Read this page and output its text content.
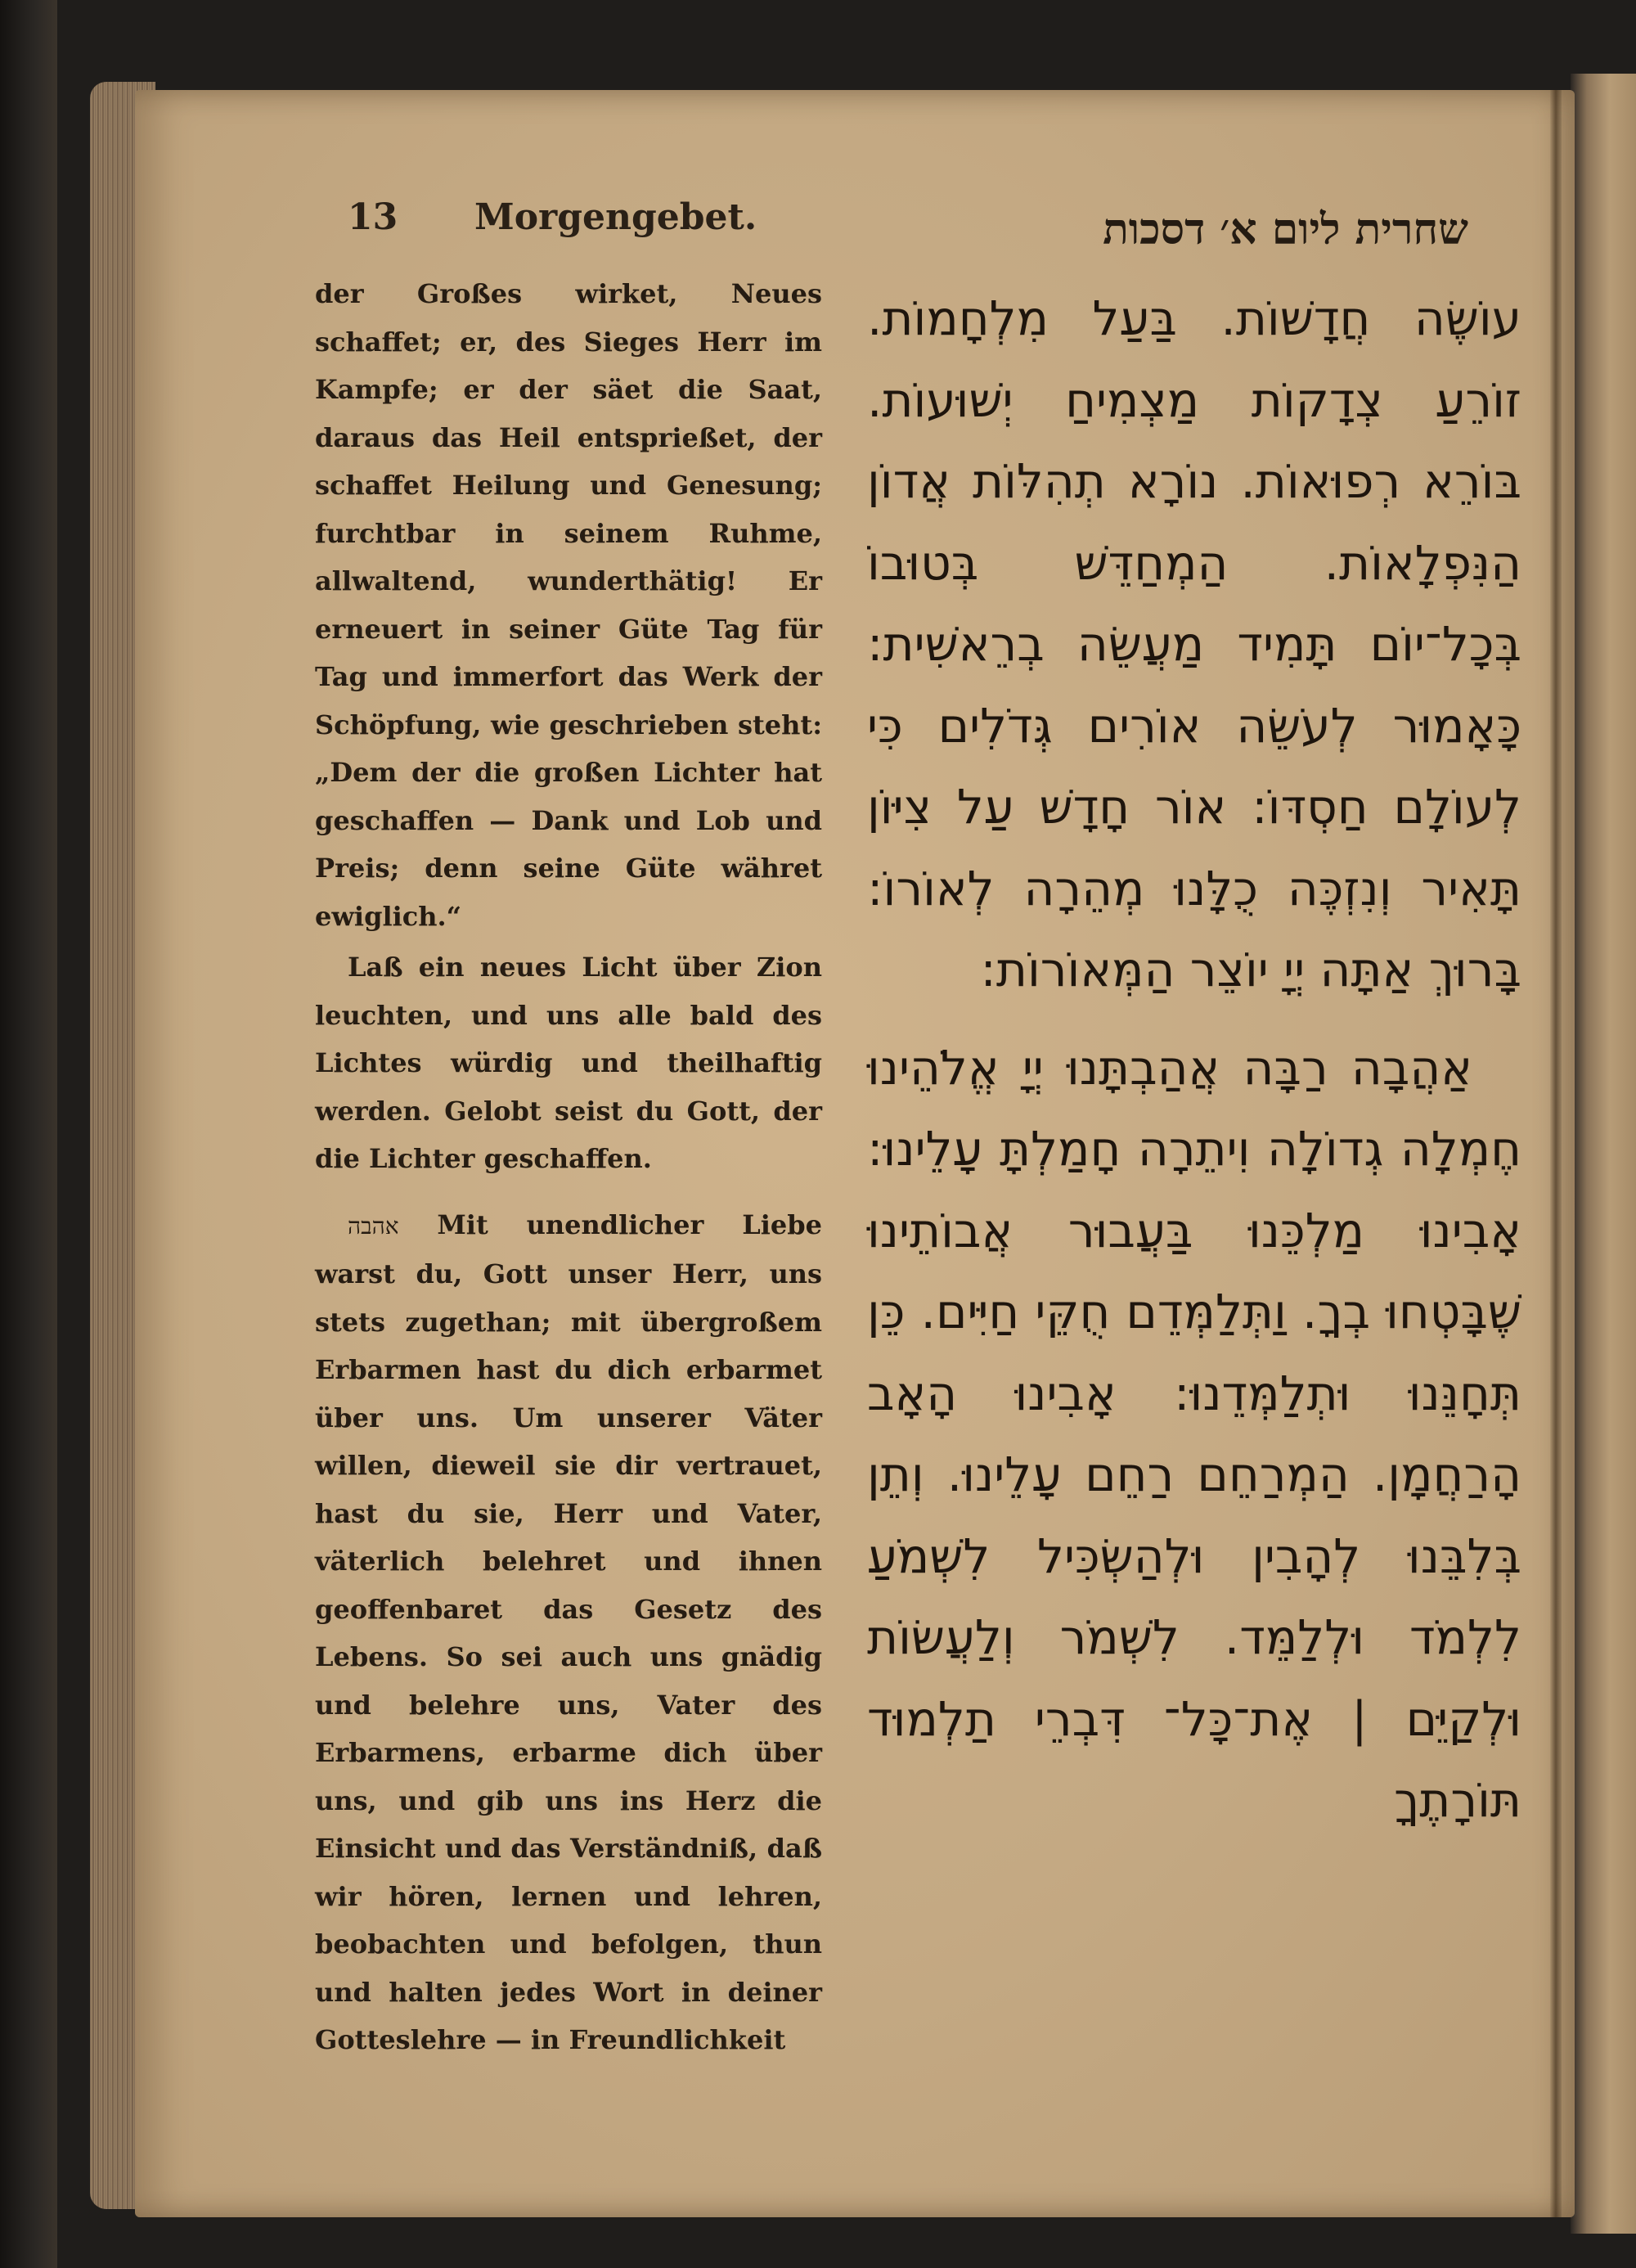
13 Morgengebet.	שחרית ליום א׳ דסכות

der Großes wirket, Neues schaffet; er, des Sieges Herr im Kampfe; er der säet die Saat, daraus das Heil entsprießet, der schaffet Heilung und Genesung; furchtbar in seinem Ruhme, allwaltend, wunderthätig! Er erneuert in seiner Güte Tag für Tag und immerfort das Werk der Schöpfung, wie geschrieben steht: „Dem der die großen Lichter hat geschaffen — Dank und Lob und Preis; denn seine Güte währet ewiglich.“

Laß ein neues Licht über Zion leuchten, und uns alle bald des Lichtes würdig und theilhaftig werden. Gelobt seist du Gott, der die Lichter geschaffen.

אהבה Mit unendlicher Liebe warst du, Gott unser Herr, uns stets zugethan; mit übergroßem Erbarmen hast du dich erbarmet über uns. Um unserer Väter willen, dieweil sie dir vertrauet, hast du sie, Herr und Vater, väterlich belehret und ihnen geoffenbaret das Gesetz des Lebens. So sei auch uns gnädig und belehre uns, Vater des Erbarmens, erbarme dich über uns, und gib uns ins Herz die Einsicht und das Verständniß, daß wir hören, lernen und lehren, beobachten und befolgen, thun und halten jedes Wort in deiner Gotteslehre — in Freundlichkeit

עוֹשֶׂה חֲדָשׁוֹת. בַּעַל מִלְחָמוֹת. זוֹרֵעַ צְדָקוֹת מַצְמִיחַ יְשׁוּעוֹת. בּוֹרֵא רְפוּאוֹת. נוֹרָא תְהִלּוֹת אֲדוֹן הַנִּפְלָאוֹת. הַמְחַדֵּשׁ בְּטוּבוֹ בְּכָל־יוֹם תָּמִיד מַעֲשֵׂה בְרֵאשִׁית: כָּאָמוּר לְעֹשֵׂה אוֹרִים גְּדֹלִים כִּי לְעוֹלָם חַסְדּוֹ: אוֹר חָדָשׁ עַל צִיּוֹן תָּאִיר וְנִזְכֶּה כֻלָּנוּ מְהֵרָה לְאוֹרוֹ: בָּרוּךְ אַתָּה יְיָ יוֹצֵר הַמְּאוֹרוֹת:

אַהֲבָה רַבָּה אֲהַבְתָּנוּ יְיָ אֱלֹהֵינוּ חֶמְלָה גְדוֹלָה וִיתֵרָה חָמַלְתָּ עָלֵינוּ: אָבִינוּ מַלְכֵּנוּ בַּעֲבוּר אֲבוֹתֵינוּ שֶׁבָּטְחוּ בְךָ. וַתְּלַמְּדֵם חֻקֵּי חַיִּים. כֵּן תְּחָנֵּנוּ וּתְלַמְּדֵנוּ: אָבִינוּ הָאָב הָרַחֲמָן. הַמְרַחֵם רַחֵם עָלֵינוּ. וְתֵן בְּלִבֵּנוּ לְהָבִין וּלְהַשְׂכִּיל לִשְׁמֹעַ לִלְמֹד וּלְלַמֵּד. לִשְׁמֹר וְלַעֲשׂוֹת וּלְקַיֵּם | אֶת־כָּל־ דִּבְרֵי תַלְמוּד תּוֹרָתֶךָ
